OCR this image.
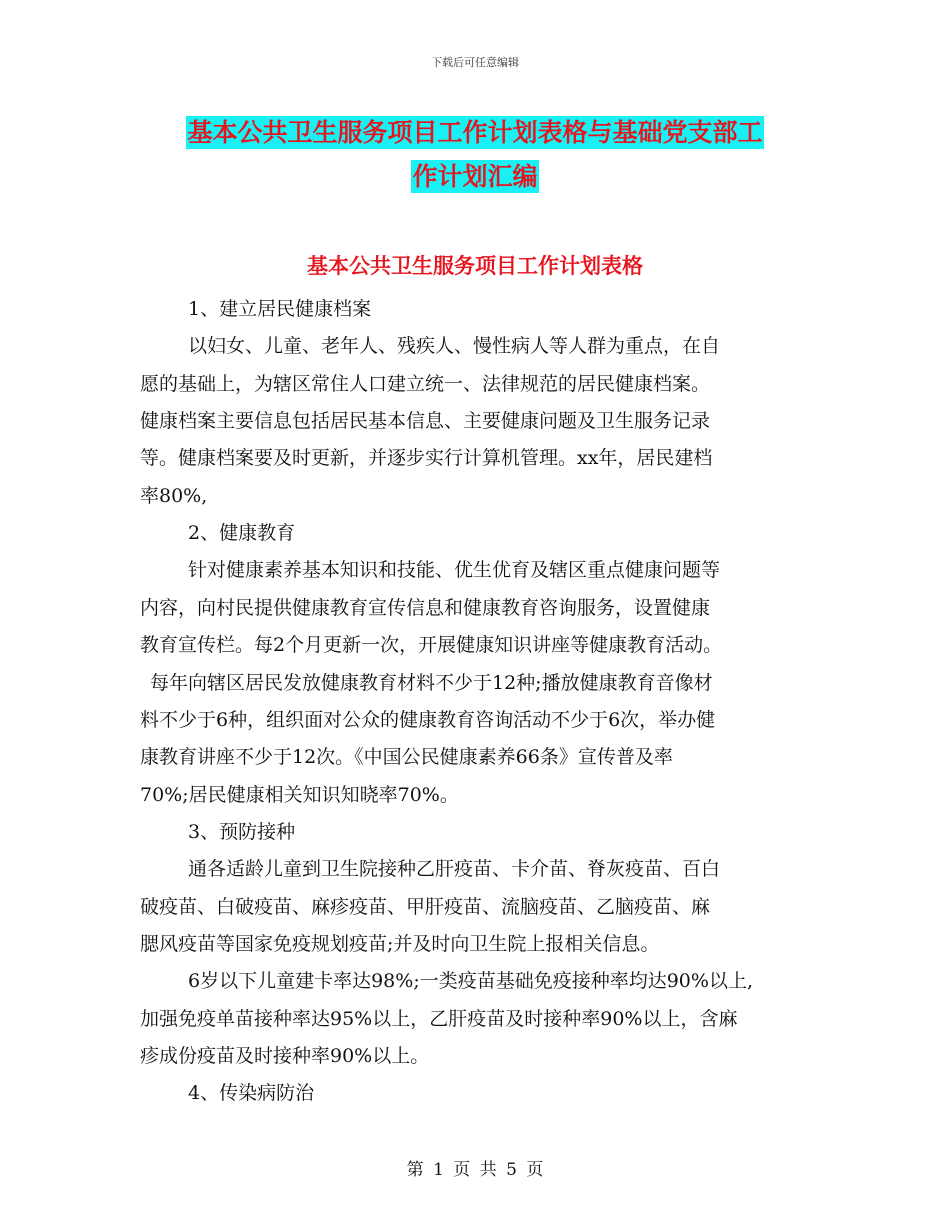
下载后可任意编辑
基本公共卫生服务项目工作计划表格与基础党支部工
作计划汇编
基本公共卫生服务项目工作计划表格
1、建立居民健康档案
以妇女、儿童、老年人、残疾人、慢性病人等人群为重点，在自
愿的基础上，为辖区常住人口建立统一、法律规范的居民健康档案。
健康档案主要信息包括居民基本信息、主要健康问题及卫生服务记录
等。健康档案要及时更新，并逐步实行计算机管理。xx年，居民建档
率80%,
2、健康教育
针对健康素养基本知识和技能、优生优育及辖区重点健康问题等
内容，向村民提供健康教育宣传信息和健康教育咨询服务，设置健康
教育宣传栏。每2个月更新一次，开展健康知识讲座等健康教育活动。
每年向辖区居民发放健康教育材料不少于12种;播放健康教育音像材
料不少于6种，组织面对公众的健康教育咨询活动不少于6次，举办健
康教育讲座不少于12次。《中国公民健康素养66条》宣传普及率
70%;居民健康相关知识知晓率70%。
3、预防接种
通各适龄儿童到卫生院接种乙肝疫苗、卡介苗、脊灰疫苗、百白
破疫苗、白破疫苗、麻疹疫苗、甲肝疫苗、流脑疫苗、乙脑疫苗、麻
腮风疫苗等国家免疫规划疫苗;并及时向卫生院上报相关信息。
6岁以下儿童建卡率达98%;一类疫苗基础免疫接种率均达90%以上,
加强免疫单苗接种率达95%以上，乙肝疫苗及时接种率90%以上，含麻
疹成份疫苗及时接种率90%以上。
4、传染病防治
第 1 页 共 5 页
